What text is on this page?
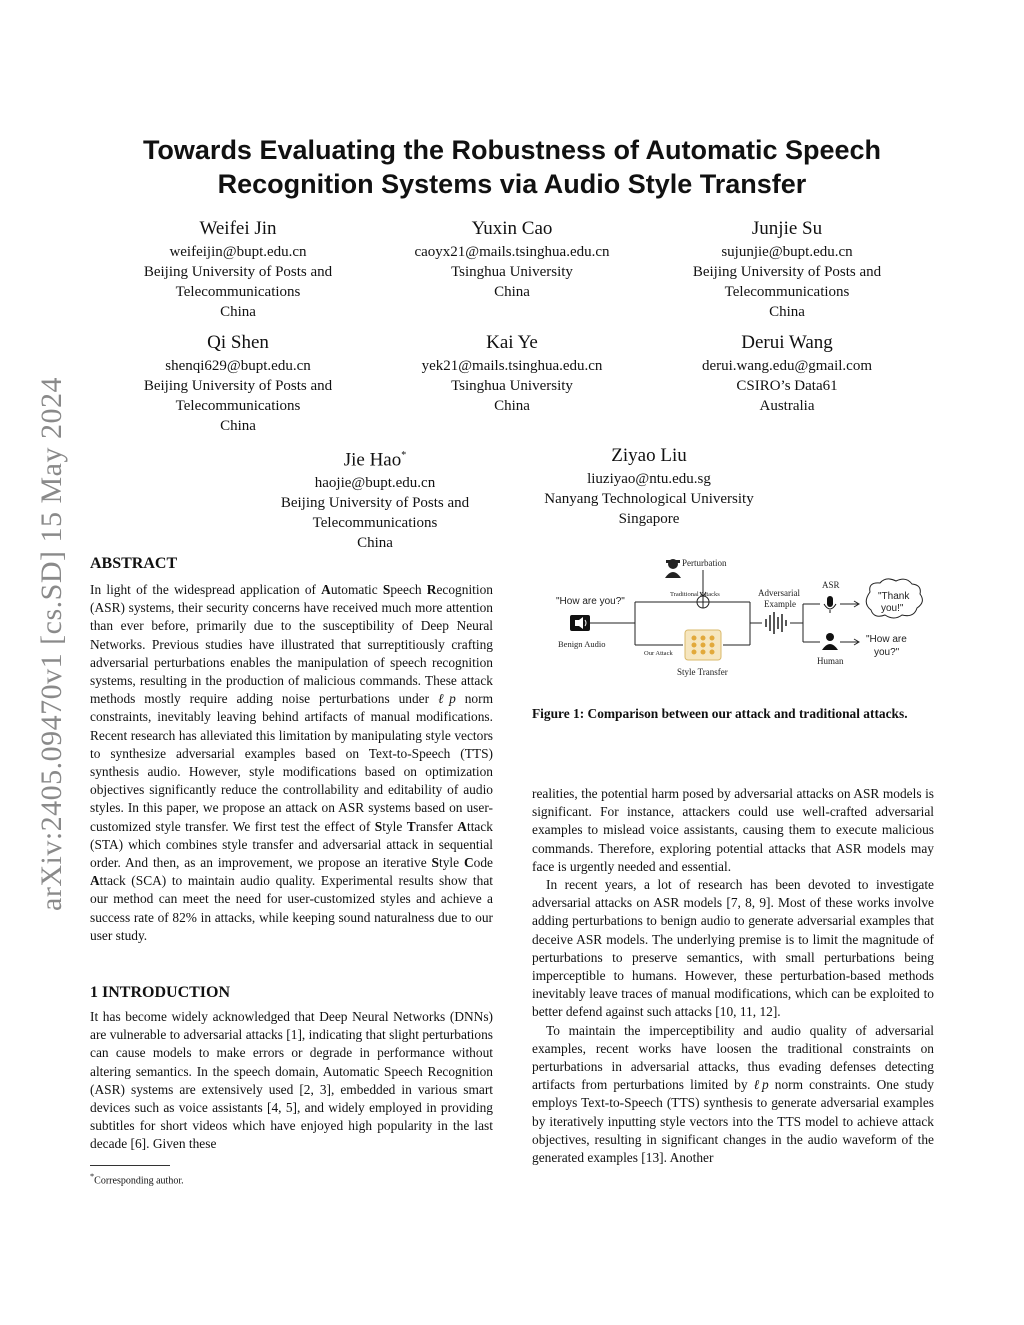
arXiv:2405.09470v1 [cs.SD] 15 May 2024
Towards Evaluating the Robustness of Automatic Speech
Recognition Systems via Audio Style Transfer
Weifei Jin
weifeijin@bupt.edu.cn
Beijing University of Posts and
Telecommunications
China
Yuxin Cao
caoyx21@mails.tsinghua.edu.cn
Tsinghua University
China
Junjie Su
sujunjie@bupt.edu.cn
Beijing University of Posts and
Telecommunications
China
Qi Shen
shenqi629@bupt.edu.cn
Beijing University of Posts and
Telecommunications
China
Kai Ye
yek21@mails.tsinghua.edu.cn
Tsinghua University
China
Derui Wang
derui.wang.edu@gmail.com
CSIRO’s Data61
Australia
Jie Hao*
haojie@bupt.edu.cn
Beijing University of Posts and
Telecommunications
China
Ziyao Liu
liuziyao@ntu.edu.sg
Nanyang Technological University
Singapore
ABSTRACT

In light of the widespread application of Automatic Speech Recognition (ASR) systems, their security concerns have received much more attention than ever before, primarily due to the susceptibility of Deep Neural Networks. Previous studies have illustrated that surreptitiously crafting adversarial perturbations enables the manipulation of speech recognition systems, resulting in the production of malicious commands. These attack methods mostly require adding noise perturbations under ℓp norm constraints, inevitably leaving behind artifacts of manual modifications. Recent research has alleviated this limitation by manipulating style vectors to synthesize adversarial examples based on Text-to-Speech (TTS) synthesis audio. However, style modifications based on optimization objectives significantly reduce the controllability and editability of audio styles. In this paper, we propose an attack on ASR systems based on user-customized style transfer. We first test the effect of Style Transfer Attack (STA) which combines style transfer and adversarial attack in sequential order. And then, as an improvement, we propose an iterative Style Code Attack (SCA) to maintain audio quality. Experimental results show that our method can meet the need for user-customized styles and achieve a success rate of 82% in attacks, while keeping sound naturalness due to our user study.

1 INTRODUCTION

It has become widely acknowledged that Deep Neural Networks (DNNs) are vulnerable to adversarial attacks [1], indicating that slight perturbations can cause models to make errors or degrade in performance without altering semantics. In the speech domain, Automatic Speech Recognition (ASR) systems are extensively used [2, 3], embedded in various smart devices such as voice assistants [4, 5], and widely employed in providing subtitles for short videos which have enjoyed high popularity in the last decade [6]. Given these

realities, the potential harm posed by adversarial attacks on ASR models is significant. For instance, attackers could use well-crafted adversarial examples to mislead voice assistants, causing them to execute malicious commands. Therefore, exploring potential attacks that ASR models may face is urgently needed and essential.

In recent years, a lot of research has been devoted to investigate adversarial attacks on ASR models [7, 8, 9]. Most of these works involve adding perturbations to benign audio to generate adversarial examples that deceive ASR models. The underlying premise is to limit the magnitude of perturbations to preserve semantics, with small perturbations being imperceptible to humans. However, these perturbation-based methods inevitably leave traces of manual modifications, which can be exploited to better defend against such attacks [10, 11, 12].

To maintain the imperceptibility and audio quality of adversarial examples, recent works have loosen the traditional constraints on perturbations in adversarial attacks, thus evading defenses detecting artifacts from perturbations limited by ℓp norm constraints. One study employs Text-to-Speech (TTS) synthesis to generate adversarial examples by iteratively inputting style vectors into the TTS model to achieve attack objectives, resulting in significant changes in the audio waveform of the generated examples [13]. Another

Perturbation
"How are you?"
Benign Audio
Traditional Attacks
Our Attack
Style Transfer
Adversarial Example
ASR
Human
"Thank
you!"
"How are
you?"
Figure 1: Comparison between our attack and traditional attacks.
*Corresponding author.
